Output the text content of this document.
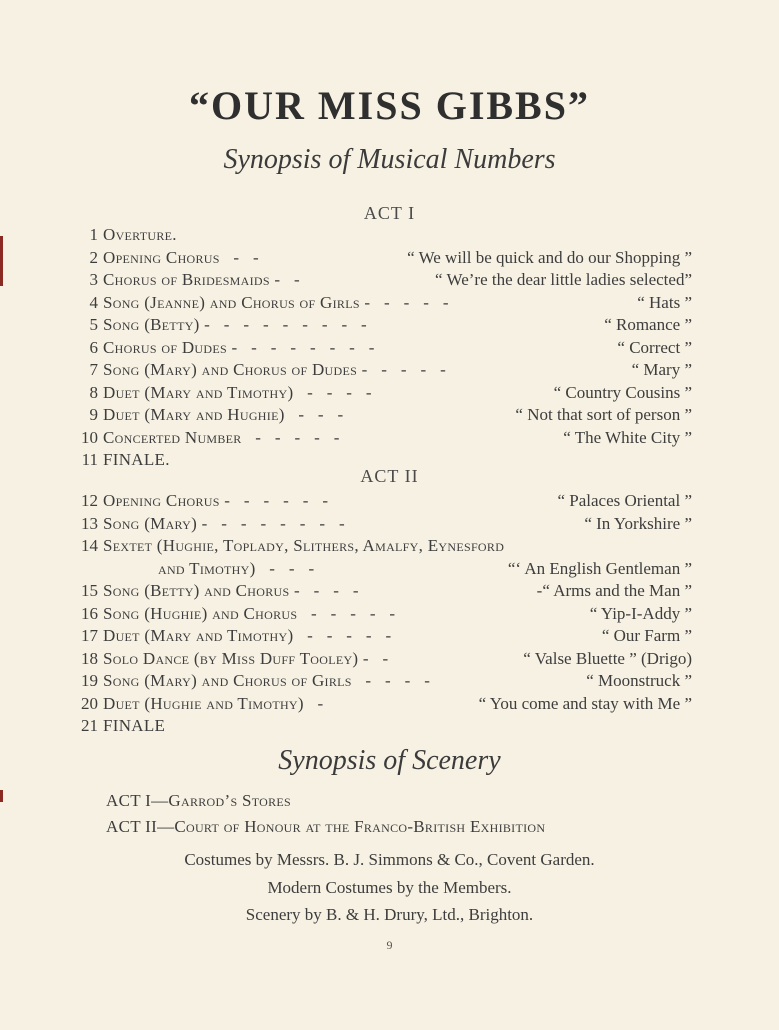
“OUR MISS GIBBS”
Synopsis of Musical Numbers
ACT I
1 Overture.
2 Opening Chorus   -   -	“ We will be quick and do our Shopping ”
3 Chorus of Bridesmaids -   -	“ We’re the dear little ladies selected”
4 Song (Jeanne) and Chorus of Girls -   -   -   -   -	“ Hats ”
5 Song (Betty) -   -   -   -   -   -   -   -   -	“ Romance ”
6 Chorus of Dudes -   -   -   -   -   -   -   -	“ Correct ”
7 Song (Mary) and Chorus of Dudes -   -   -   -   -	“ Mary ”
8 Duet (Mary and Timothy)   -   -   -   -	“ Country Cousins ”
9 Duet (Mary and Hughie)   -   -   -	“ Not that sort of person ”
10 Concerted Number   -   -   -   -   -	“ The White City ”
11 FINALE.
ACT II
12 Opening Chorus -   -   -   -   -   -	“ Palaces Oriental ”
13 Song (Mary) -   -   -   -   -   -   -   -	“ In Yorkshire ”
14 Sextet (Hughie, Toplady, Slithers, Amalfy, Eynesford
and Timothy)   -   -   -	“‘ An English Gentleman ”
15 Song (Betty) and Chorus -   -   -   -	-“ Arms and the Man ”
16 Song (Hughie) and Chorus   -   -   -   -   -	“ Yip-I-Addy ”
17 Duet (Mary and Timothy)   -   -   -   -   -	“ Our Farm ”
18 Solo Dance (by Miss Duff Tooley) -   -	“ Valse Bluette ” (Drigo)
19 Song (Mary) and Chorus of Girls   -   -   -   -	“ Moonstruck ”
20 Duet (Hughie and Timothy)   -	“ You come and stay with Me ”
21 FINALE
Synopsis of Scenery
ACT I—Garrod’s Stores
ACT II—Court of Honour at the Franco-British Exhibition
Costumes by Messrs. B. J. Simmons & Co., Covent Garden.
Modern Costumes by the Members.
Scenery by B. & H. Drury, Ltd., Brighton.
9
